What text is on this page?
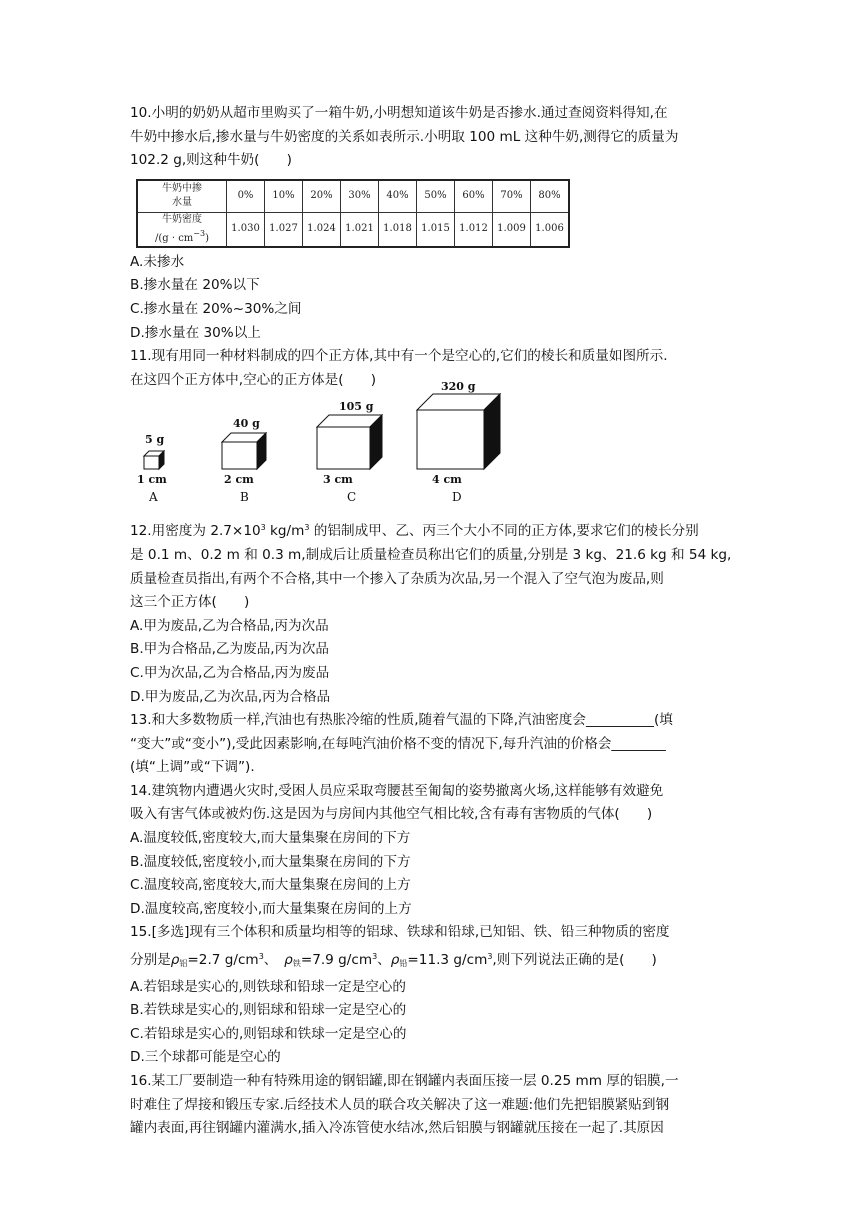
10.小明的奶奶从超市里购买了一箱牛奶,小明想知道该牛奶是否掺水.通过查阅资料得知,在
牛奶中掺水后,掺水量与牛奶密度的关系如表所示.小明取 100 mL 这种牛奶,测得它的质量为
102.2 g,则这种牛奶(　　)
牛奶中掺
水量	0%	10%	20%	30%	40%	50%	60%	70%	80%
牛奶密度
$/(g \cdot cm^{-3})$	1.030	1.027	1.024	1.021	1.018	1.015	1.012	1.009	1.006
A.未掺水
B.掺水量在 20%以下
C.掺水量在 20%~30%之间
D.掺水量在 30%以上
11.现有用同一种材料制成的四个正方体,其中有一个是空心的,它们的棱长和质量如图所示.
在这四个正方体中,空心的正方体是(　　)
5 g
1 cm
A
40 g
2 cm
B
105 g
3 cm
C
320 g
4 cm
D
12.用密度为 $2.7\times 10^3$ $kg/m^3$ 的铝制成甲、乙、丙三个大小不同的正方体,要求它们的棱长分别
是 0.1 m、0.2 m 和 0.3 m,制成后让质量检查员称出它们的质量,分别是 3 kg、21.6 kg 和 54 kg,
质量检查员指出,有两个不合格,其中一个掺入了杂质为次品,另一个混入了空气泡为废品,则
这三个正方体(　　)
A.甲为废品,乙为合格品,丙为次品
B.甲为合格品,乙为废品,丙为次品
C.甲为次品,乙为合格品,丙为废品
D.甲为废品,乙为次品,丙为合格品
13.和大多数物质一样,汽油也有热胀冷缩的性质,随着气温的下降,汽油密度会__________(填
“变大”或“变小”),受此因素影响,在每吨汽油价格不变的情况下,每升汽油的价格会________
(填“上调”或“下调”).
14.建筑物内遭遇火灾时,受困人员应采取弯腰甚至匍匐的姿势撤离火场,这样能够有效避免
吸入有害气体或被灼伤.这是因为与房间内其他空气相比较,含有毒有害物质的气体(　　)
A.温度较低,密度较大,而大量集聚在房间的下方
B.温度较低,密度较小,而大量集聚在房间的下方
C.温度较高,密度较大,而大量集聚在房间的上方
D.温度较高,密度较小,而大量集聚在房间的上方
15.[多选]现有三个体积和质量均相等的铝球、铁球和铅球,已知铝、铁、铅三种物质的密度
分别是$\rho_铝=2.7$ $g/cm^3$、　$\rho_铁=7.9$ $g/cm^3$、$\rho_铅=11.3$ $g/cm^3$,则下列说法正确的是(　　)
A.若铝球是实心的,则铁球和铅球一定是空心的
B.若铁球是实心的,则铝球和铅球一定是空心的
C.若铅球是实心的,则铝球和铁球一定是空心的
D.三个球都可能是空心的
16.某工厂要制造一种有特殊用途的钢铝罐,即在钢罐内表面压接一层 0.25 mm 厚的铝膜,一
时难住了焊接和锻压专家.后经技术人员的联合攻关解决了这一难题:他们先把铝膜紧贴到钢
罐内表面,再往钢罐内灌满水,插入冷冻管使水结冰,然后铝膜与钢罐就压接在一起了.其原因
